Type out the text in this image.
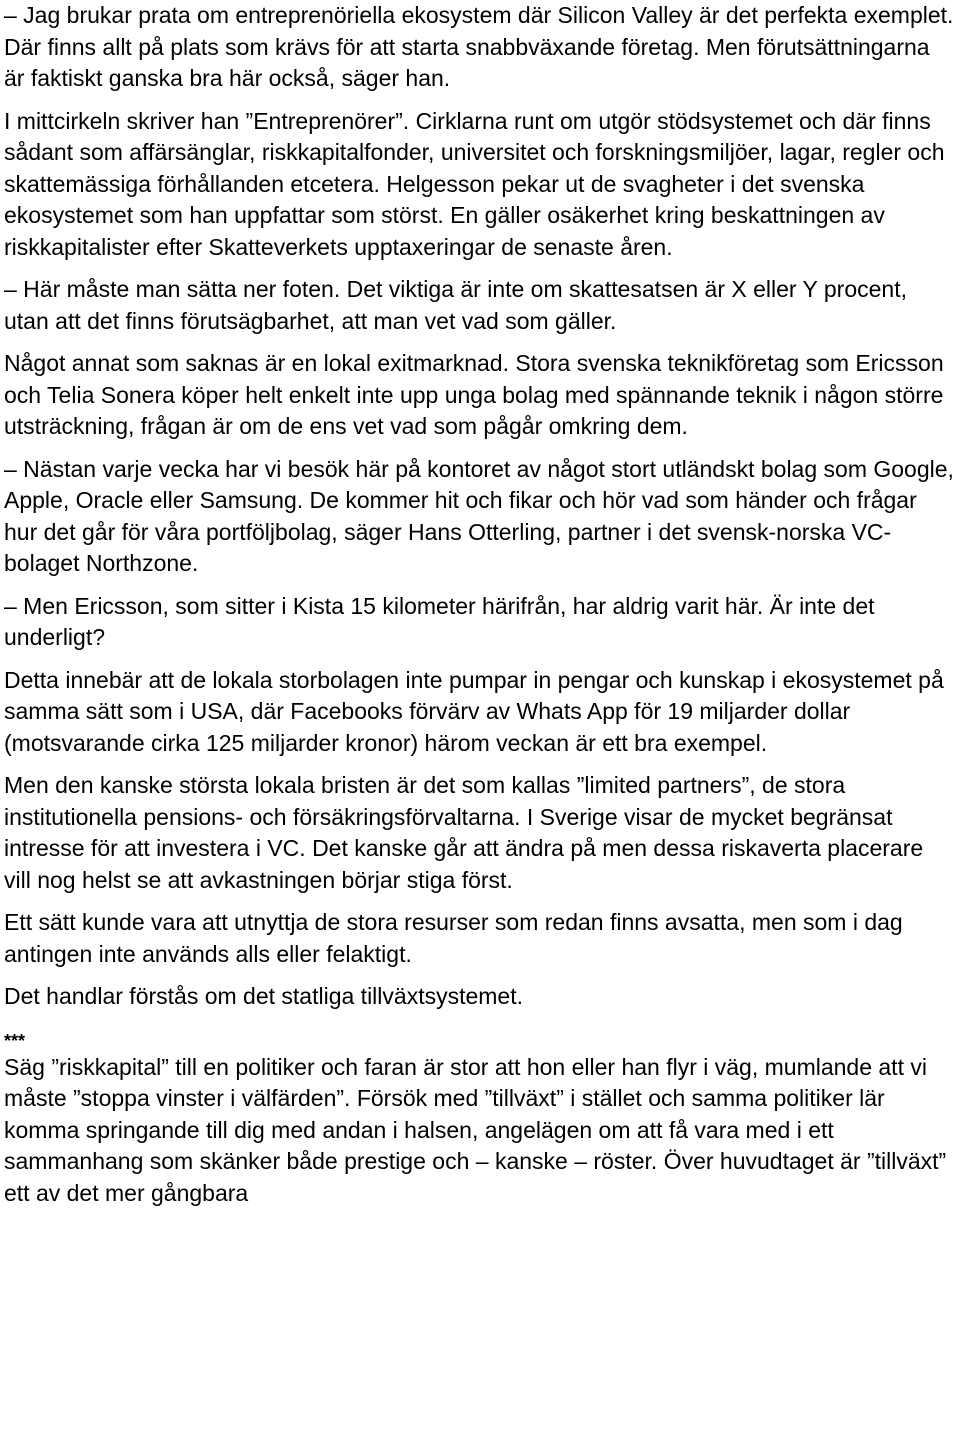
– Jag brukar prata om entreprenöriella ekosystem där Silicon Valley är det perfekta exemplet. Där finns allt på plats som krävs för att starta snabbväxande företag. Men förutsättningarna är faktiskt ganska bra här också, säger han.

I mittcirkeln skriver han ”Entreprenörer”. Cirklarna runt om utgör stödsystemet och där finns sådant som affärsänglar, riskkapitalfonder, universitet och forskningsmiljöer, lagar, regler och skattemässiga förhållanden etcetera. Helgesson pekar ut de svagheter i det svenska ekosystemet som han uppfattar som störst. En gäller osäkerhet kring beskattningen av riskkapitalister efter Skatteverkets upptaxeringar de senaste åren.

– Här måste man sätta ner foten. Det viktiga är inte om skattesatsen är X eller Y procent, utan att det finns förutsägbarhet, att man vet vad som gäller.

Något annat som saknas är en lokal exitmarknad. Stora svenska teknikföretag som Ericsson och Telia Sonera köper helt enkelt inte upp unga bolag med spännande teknik i någon större utsträckning, frågan är om de ens vet vad som pågår omkring dem.

– Nästan varje vecka har vi besök här på kontoret av något stort utländskt bolag som Google, Apple, Oracle eller Samsung. De kommer hit och fikar och hör vad som händer och frågar hur det går för våra portföljbolag, säger Hans Otterling, partner i det svensk-norska VC-bolaget Northzone.

– Men Ericsson, som sitter i Kista 15 kilometer härifrån, har aldrig varit här. Är inte det underligt?

Detta innebär att de lokala storbolagen inte pumpar in pengar och kunskap i ekosystemet på samma sätt som i USA, där Facebooks förvärv av Whats App för 19 miljarder dollar (motsvarande cirka 125 miljarder kronor) härom veckan är ett bra exempel.

Men den kanske största lokala bristen är det som kallas ”limited partners”, de stora institutionella pensions- och försäkringsförvaltarna. I Sverige visar de mycket begränsat intresse för att investera i VC. Det kanske går att ändra på men dessa riskaverta placerare vill nog helst se att avkastningen börjar stiga först.

Ett sätt kunde vara att utnyttja de stora resurser som redan finns avsatta, men som i dag antingen inte används alls eller felaktigt.

Det handlar förstås om det statliga tillväxtsystemet.

***

Säg ”riskkapital” till en politiker och faran är stor att hon eller han flyr i väg, mumlande att vi måste ”stoppa vinster i välfärden”. Försök med ”tillväxt” i stället och samma politiker lär komma springande till dig med andan i halsen, angelägen om att få vara med i ett sammanhang som skänker både prestige och – kanske – röster. Över huvudtaget är ”tillväxt” ett av det mer gångbara
